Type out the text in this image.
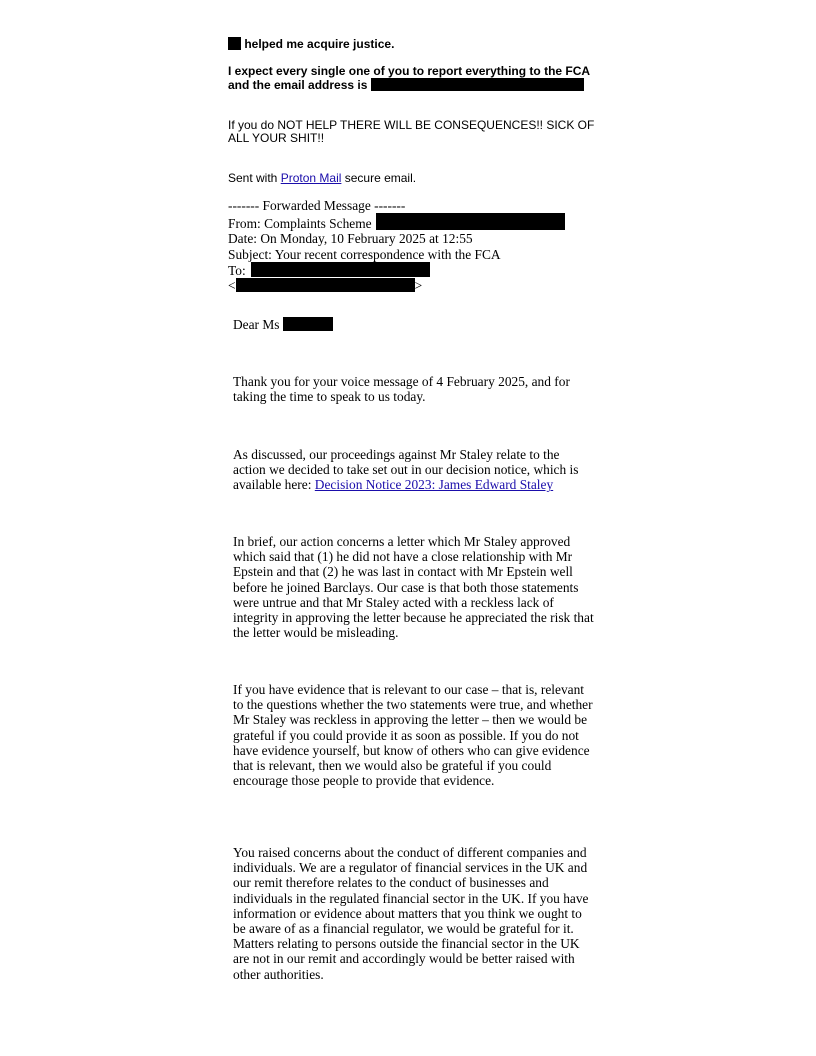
helped me acquire justice.

I expect every single one of you to report everything to the FCA
and the email address is

If you do NOT HELP THERE WILL BE CONSEQUENCES!! SICK OF ALL YOUR SHIT!!

Sent with Proton Mail secure email.

------- Forwarded Message -------
From: Complaints Scheme
Date: On Monday, 10 February 2025 at 12:55
Subject: Your recent correspondence with the FCA
To:
<	>

Dear Ms

Thank you for your voice message of 4 February 2025, and for taking the time to speak to us today.

As discussed, our proceedings against Mr Staley relate to the action we decided to take set out in our decision notice, which is available here: Decision Notice 2023: James Edward Staley

In brief, our action concerns a letter which Mr Staley approved which said that (1) he did not have a close relationship with Mr Epstein and that (2) he was last in contact with Mr Epstein well before he joined Barclays. Our case is that both those statements were untrue and that Mr Staley acted with a reckless lack of integrity in approving the letter because he appreciated the risk that the letter would be misleading.

If you have evidence that is relevant to our case – that is, relevant to the questions whether the two statements were true, and whether Mr Staley was reckless in approving the letter – then we would be grateful if you could provide it as soon as possible. If you do not have evidence yourself, but know of others who can give evidence that is relevant, then we would also be grateful if you could encourage those people to provide that evidence.

You raised concerns about the conduct of different companies and individuals. We are a regulator of financial services in the UK and our remit therefore relates to the conduct of businesses and individuals in the regulated financial sector in the UK. If you have information or evidence about matters that you think we ought to be aware of as a financial regulator, we would be grateful for it. Matters relating to persons outside the financial sector in the UK are not in our remit and accordingly would be better raised with other authorities.
